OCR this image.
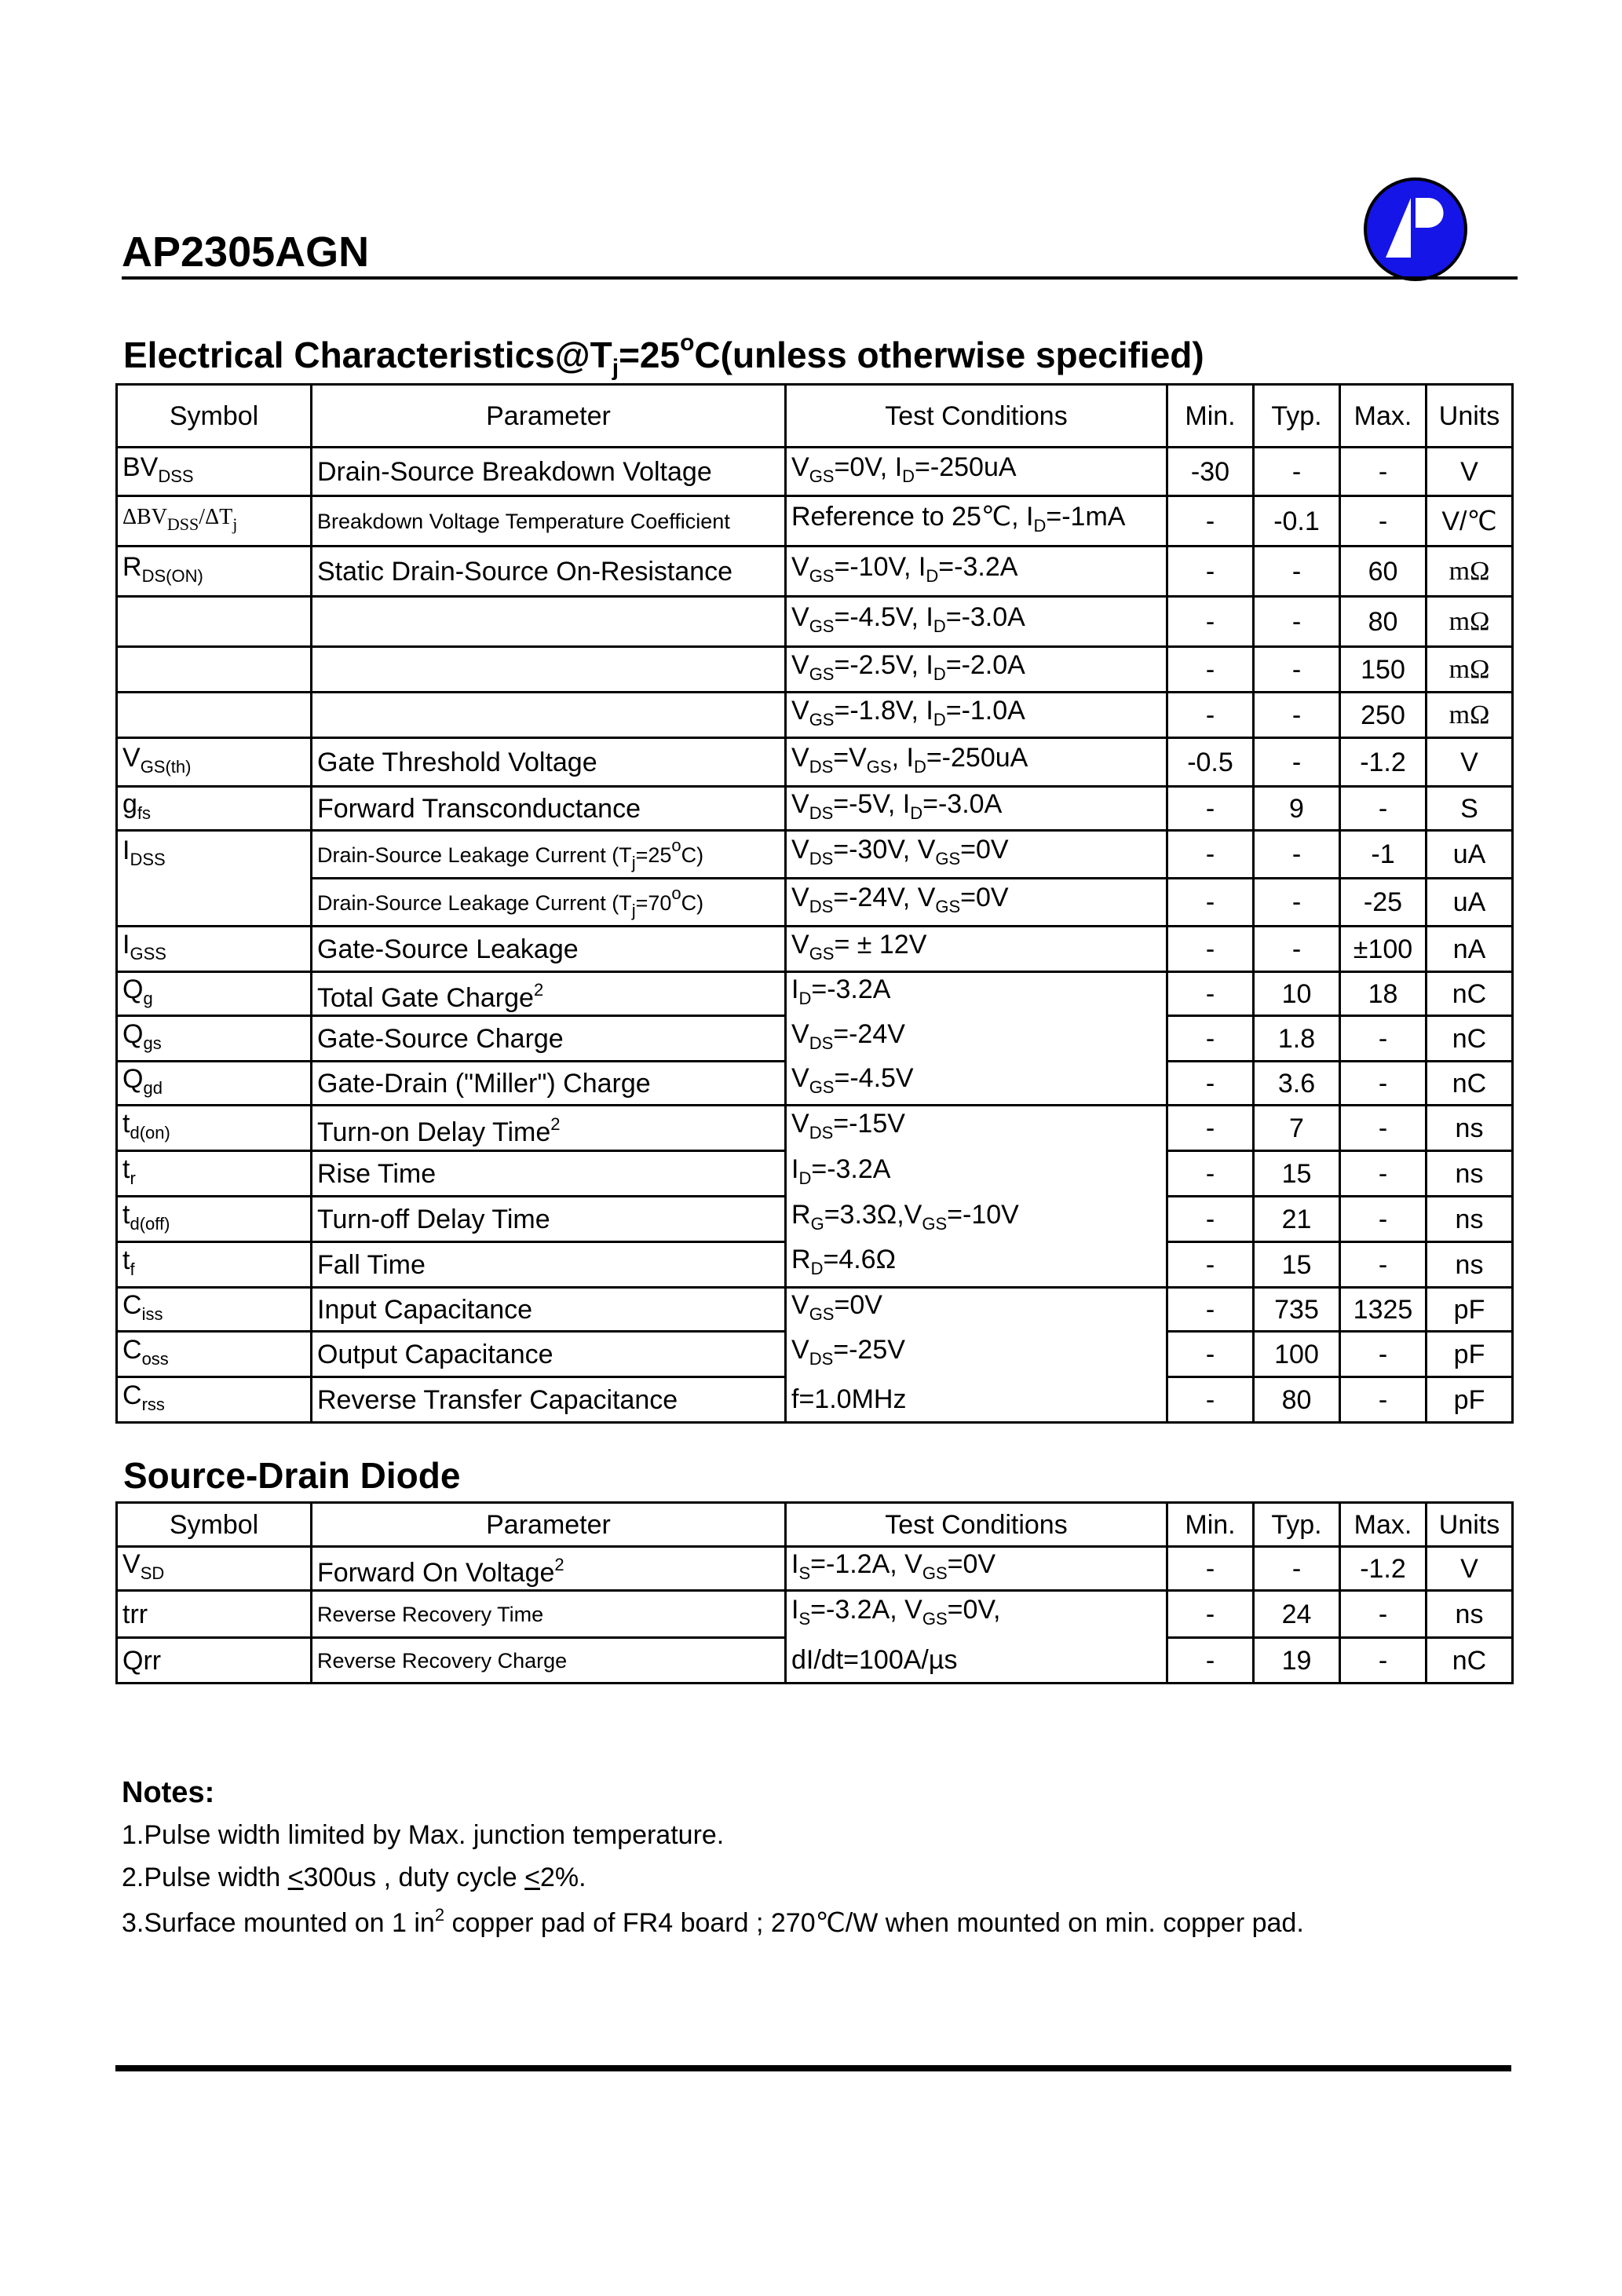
AP2305AGN
Electrical $Characteristics@T_j=25^oC(unless$ otherwise specified)
Symbol	Parameter	Test Conditions	Min.	Typ.	Max.	Units
$BV_{DSS}$	Drain-Source Breakdown Voltage	$V_{GS}=0V$, $I_D=-250uA$	-30	-	-	V
$\Delta BV_{DSS}/\Delta T_j$	Breakdown Voltage Temperature Coefficient	Reference to 25℃, $I_D=-1mA$	-	-0.1	-	V/℃
$R_{DS(ON)}$	Static Drain-Source On-Resistance	$V_{GS}=-10V$, $I_D=-3.2A$	-	-	60	mΩ
		$V_{GS}=-4.5V$, $I_D=-3.0A$	-	-	80	mΩ
		$V_{GS}=-2.5V$, $I_D=-2.0A$	-	-	150	mΩ
		$V_{GS}=-1.8V$, $I_D=-1.0A$	-	-	250	mΩ
$V_{GS(th)}$	Gate Threshold Voltage	$V_{DS}=V_{GS}$, $I_D=-250uA$	-0.5	-	-1.2	V
$g_{fs}$	Forward Transconductance	$V_{DS}=-5V$, $I_D=-3.0A$	-	9	-	S
$I_{DSS}$	Drain-Source Leakage Current $(T_j=25^oC)$	$V_{DS}=-30V$, $V_{GS}=0V$	-	-	-1	uA
	Drain-Source Leakage Current $(T_j=70^oC)$	$V_{DS}=-24V$, $V_{GS}=0V$	-	-	-25	uA
$I_{GSS}$	Gate-Source Leakage	$V_{GS}= \pm 12V$	-	-	±100	nA
$Q_g$	Total Gate Charge$^2$	$I_D=-3.2A$	-	10	18	nC
$Q_{gs}$	Gate-Source Charge	$V_{DS}=-24V$	-	1.8	-	nC
$Q_{gd}$	Gate-Drain ("Miller") Charge	$V_{GS}=-4.5V$	-	3.6	-	nC
$t_{d(on)}$	Turn-on Delay Time$^2$	$V_{DS}=-15V$	-	7	-	ns
$t_r$	Rise Time	$I_D=-3.2A$	-	15	-	ns
$t_{d(off)}$	Turn-off Delay Time	$R_G=3.3\Omega,V_{GS}=-10V$	-	21	-	ns
$t_f$	Fall Time	$R_D=4.6\Omega$	-	15	-	ns
$C_{iss}$	Input Capacitance	$V_{GS}=0V$	-	735	1325	pF
$C_{oss}$	Output Capacitance	$V_{DS}=-25V$	-	100	-	pF
$C_{rss}$	Reverse Transfer Capacitance	f=1.0MHz	-	80	-	pF
Source-Drain Diode
Symbol	Parameter	Test Conditions	Min.	Typ.	Max.	Units
$V_{SD}$	Forward On Voltage$^2$	$I_S=-1.2A$, $V_{GS}=0V$	-	-	-1.2	V
trr	Reverse Recovery Time	$I_S=-3.2A$, $V_{GS}=0V$,	-	24	-	ns
Qrr	Reverse Recovery Charge	dI/dt=100A/µs	-	19	-	nC
Notes:

1.Pulse width limited by Max. junction temperature.

2.Pulse width <300us , duty cycle <2%.

3.Surface mounted on 1 $in^2$ copper pad of FR4 board ; 270℃/W when mounted on min. copper pad.
